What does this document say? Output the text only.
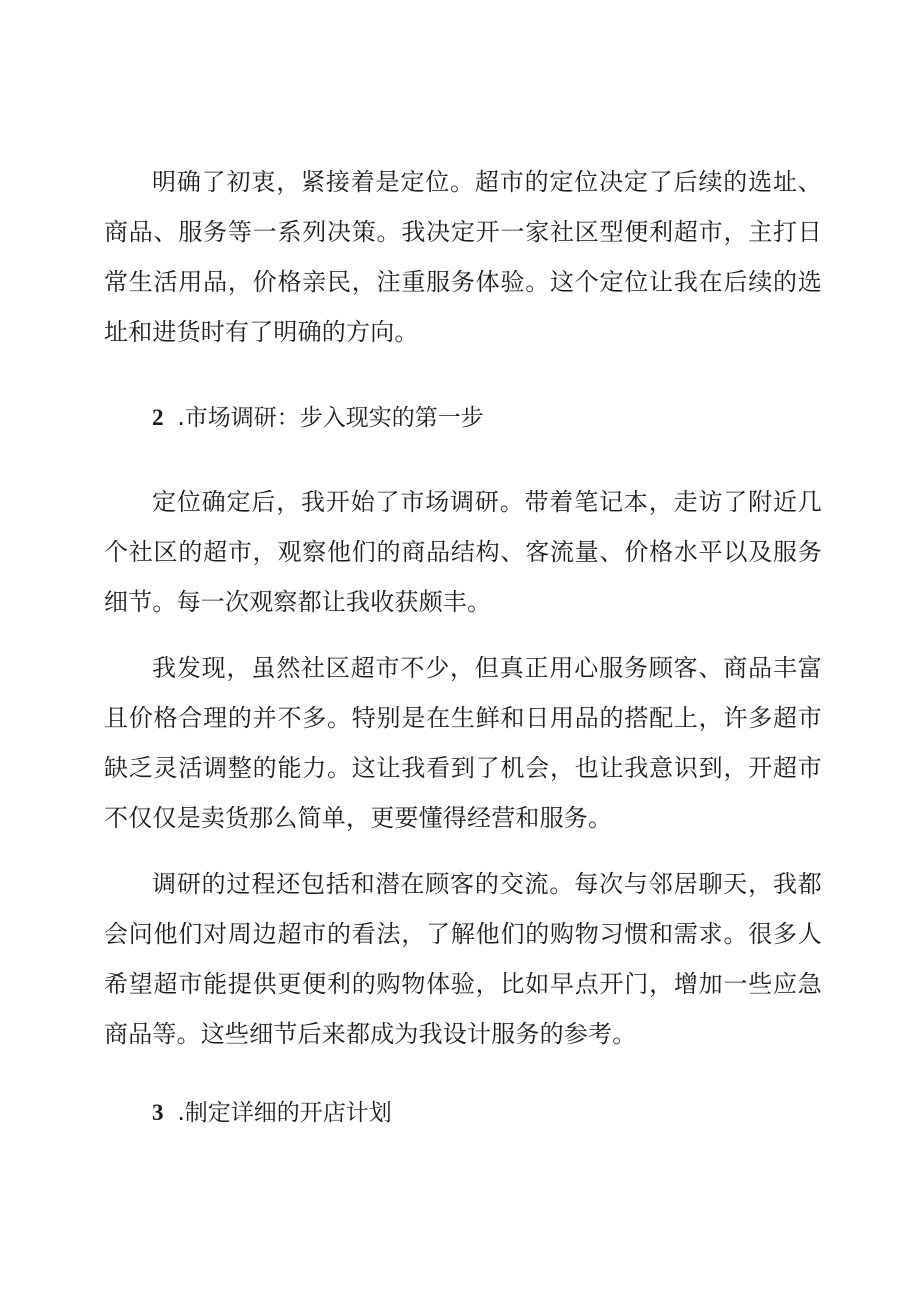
明确了初衷，紧接着是定位。超市的定位决定了后续的选址、商品、服务等一系列决策。我决定开一家社区型便利超市，主打日常生活用品，价格亲民，注重服务体验。这个定位让我在后续的选址和进货时有了明确的方向。

2 .市场调研：步入现实的第一步

定位确定后，我开始了市场调研。带着笔记本，走访了附近几个社区的超市，观察他们的商品结构、客流量、价格水平以及服务细节。每一次观察都让我收获颇丰。

我发现，虽然社区超市不少，但真正用心服务顾客、商品丰富且价格合理的并不多。特别是在生鲜和日用品的搭配上，许多超市缺乏灵活调整的能力。这让我看到了机会，也让我意识到，开超市不仅仅是卖货那么简单，更要懂得经营和服务。

调研的过程还包括和潜在顾客的交流。每次与邻居聊天，我都会问他们对周边超市的看法，了解他们的购物习惯和需求。很多人希望超市能提供更便利的购物体验，比如早点开门，增加一些应急商品等。这些细节后来都成为我设计服务的参考。

3 .制定详细的开店计划
